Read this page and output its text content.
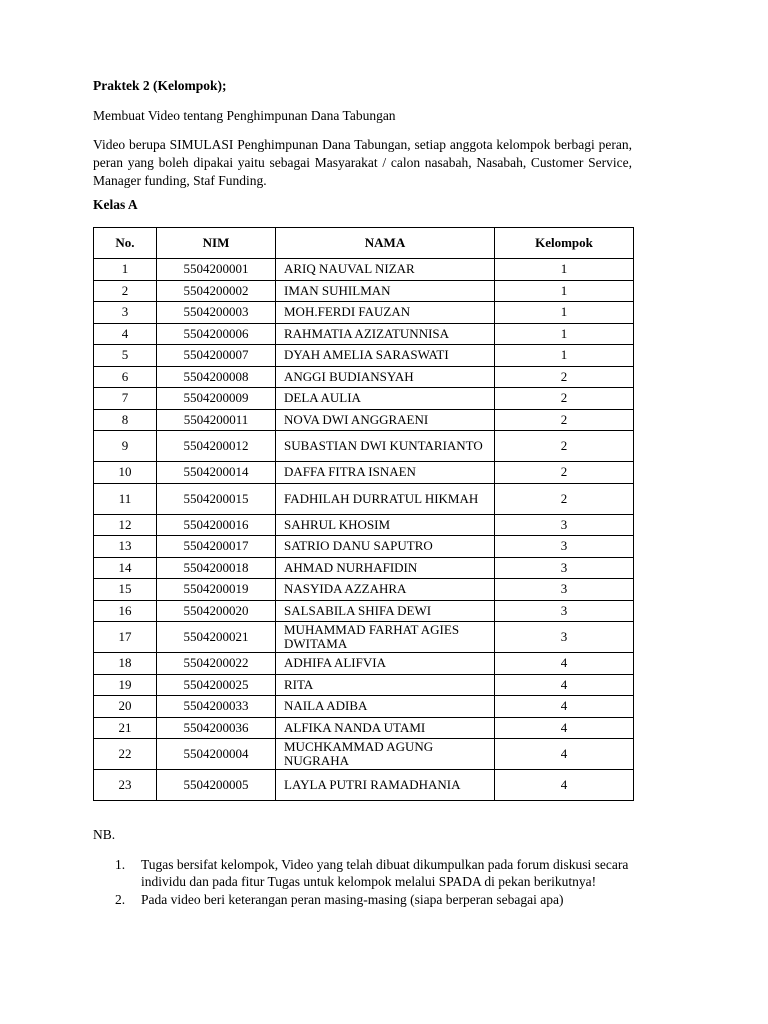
Praktek 2 (Kelompok);
Membuat Video tentang Penghimpunan Dana Tabungan
Video berupa SIMULASI Penghimpunan Dana Tabungan, setiap anggota kelompok berbagi peran, peran yang boleh dipakai yaitu sebagai Masyarakat / calon nasabah, Nasabah, Customer Service, Manager funding, Staf Funding.
Kelas A
No.	NIM	NAMA	Kelompok
1	5504200001	ARIQ NAUVAL NIZAR	1
2	5504200002	IMAN SUHILMAN	1
3	5504200003	MOH.FERDI FAUZAN	1
4	5504200006	RAHMATIA AZIZATUNNISA	1
5	5504200007	DYAH AMELIA SARASWATI	1
6	5504200008	ANGGI BUDIANSYAH	2
7	5504200009	DELA AULIA	2
8	5504200011	NOVA DWI ANGGRAENI	2
9	5504200012	SUBASTIAN DWI KUNTARIANTO	2
10	5504200014	DAFFA FITRA ISNAEN	2
11	5504200015	FADHILAH DURRATUL HIKMAH	2
12	5504200016	SAHRUL KHOSIM	3
13	5504200017	SATRIO DANU SAPUTRO	3
14	5504200018	AHMAD NURHAFIDIN	3
15	5504200019	NASYIDA AZZAHRA	3
16	5504200020	SALSABILA SHIFA DEWI	3
17	5504200021	MUHAMMAD FARHAT AGIES DWITAMA	3
18	5504200022	ADHIFA ALIFVIA	4
19	5504200025	RITA	4
20	5504200033	NAILA ADIBA	4
21	5504200036	ALFIKA NANDA UTAMI	4
22	5504200004	MUCHKAMMAD AGUNG NUGRAHA	4
23	5504200005	LAYLA PUTRI RAMADHANIA	4
NB.
1. Tugas bersifat kelompok, Video yang telah dibuat dikumpulkan pada forum diskusi secara individu dan pada fitur Tugas untuk kelompok melalui SPADA di pekan berikutnya!
2. Pada video beri keterangan peran masing-masing (siapa berperan sebagai apa)
